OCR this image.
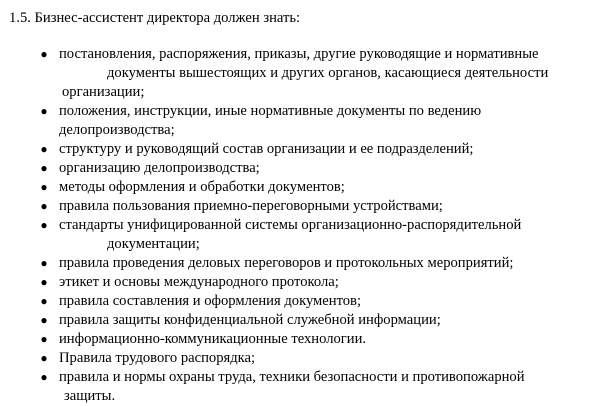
1.5. Бизнес-ассистент директора должен знать:

● постановления, распоряжения, приказы, другие руководящие и нормативные
документы вышестоящих и других органов, касающиеся деятельности
организации;
● положения, инструкции, иные нормативные документы по ведению
делопроизводства;
● структуру и руководящий состав организации и ее подразделений;
● организацию делопроизводства;
● методы оформления и обработки документов;
● правила пользования приемно-переговорными устройствами;
● стандарты унифицированной системы организационно-распорядительной
документации;
● правила проведения деловых переговоров и протокольных мероприятий;
● этикет и основы международного протокола;
● правила составления и оформления документов;
● правила защиты конфиденциальной служебной информации;
● информационно-коммуникационные технологии.
● Правила трудового распорядка;
● правила и нормы охраны труда, техники безопасности и противопожарной
защиты.
